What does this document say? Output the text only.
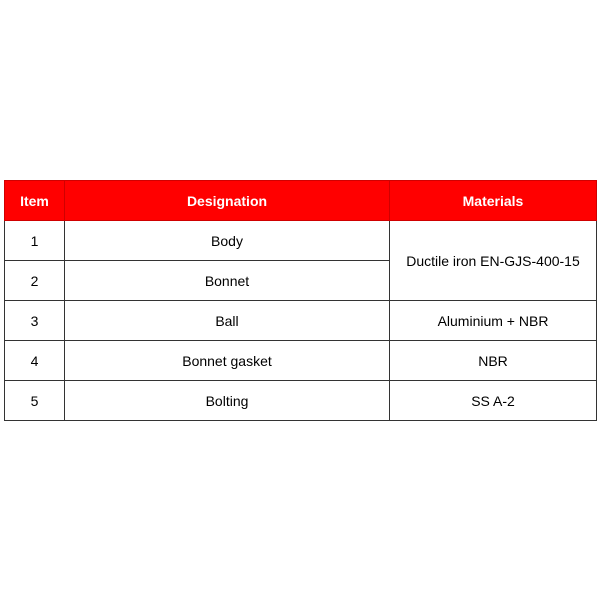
Item	Designation	Materials
1	Body	Ductile iron EN-GJS-400-15
2	Bonnet	
3	Ball	Aluminium + NBR
4	Bonnet gasket	NBR
5	Bolting	SS A-2
